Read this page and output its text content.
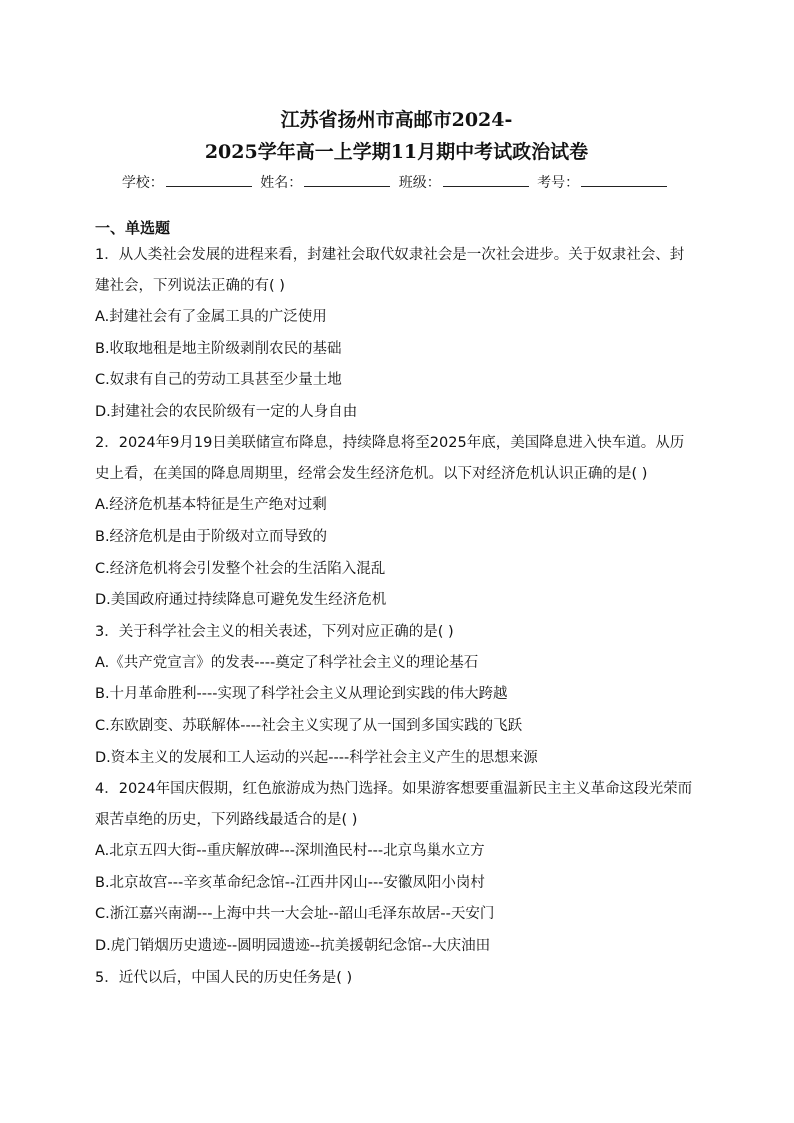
江苏省扬州市高邮市2024-
2025学年高一上学期11月期中考试政治试卷
学校：	姓名：	班级：	考号：
一、单选题

1．从人类社会发展的进程来看，封建社会取代奴隶社会是一次社会进步。关于奴隶社会、封建社会，下列说法正确的有( )

A.封建社会有了金属工具的广泛使用

B.收取地租是地主阶级剥削农民的基础

C.奴隶有自己的劳动工具甚至少量土地

D.封建社会的农民阶级有一定的人身自由

2．2024年9月19日美联储宣布降息，持续降息将至2025年底，美国降息进入快车道。从历史上看，在美国的降息周期里，经常会发生经济危机。以下对经济危机认识正确的是( )

A.经济危机基本特征是生产绝对过剩

B.经济危机是由于阶级对立而导致的

C.经济危机将会引发整个社会的生活陷入混乱

D.美国政府通过持续降息可避免发生经济危机

3．关于科学社会主义的相关表述，下列对应正确的是( )

A.《共产党宣言》的发表----奠定了科学社会主义的理论基石

B.十月革命胜利----实现了科学社会主义从理论到实践的伟大跨越

C.东欧剧变、苏联解体----社会主义实现了从一国到多国实践的飞跃

D.资本主义的发展和工人运动的兴起----科学社会主义产生的思想来源

4．2024年国庆假期，红色旅游成为热门选择。如果游客想要重温新民主主义革命这段光荣而艰苦卓绝的历史，下列路线最适合的是( )

A.北京五四大街--重庆解放碑---深圳渔民村---北京鸟巢水立方

B.北京故宫---辛亥革命纪念馆--江西井冈山---安徽凤阳小岗村

C.浙江嘉兴南湖---上海中共一大会址--韶山毛泽东故居--天安门

D.虎门销烟历史遗迹--圆明园遗迹--抗美援朝纪念馆--大庆油田

5．近代以后，中国人民的历史任务是( )
